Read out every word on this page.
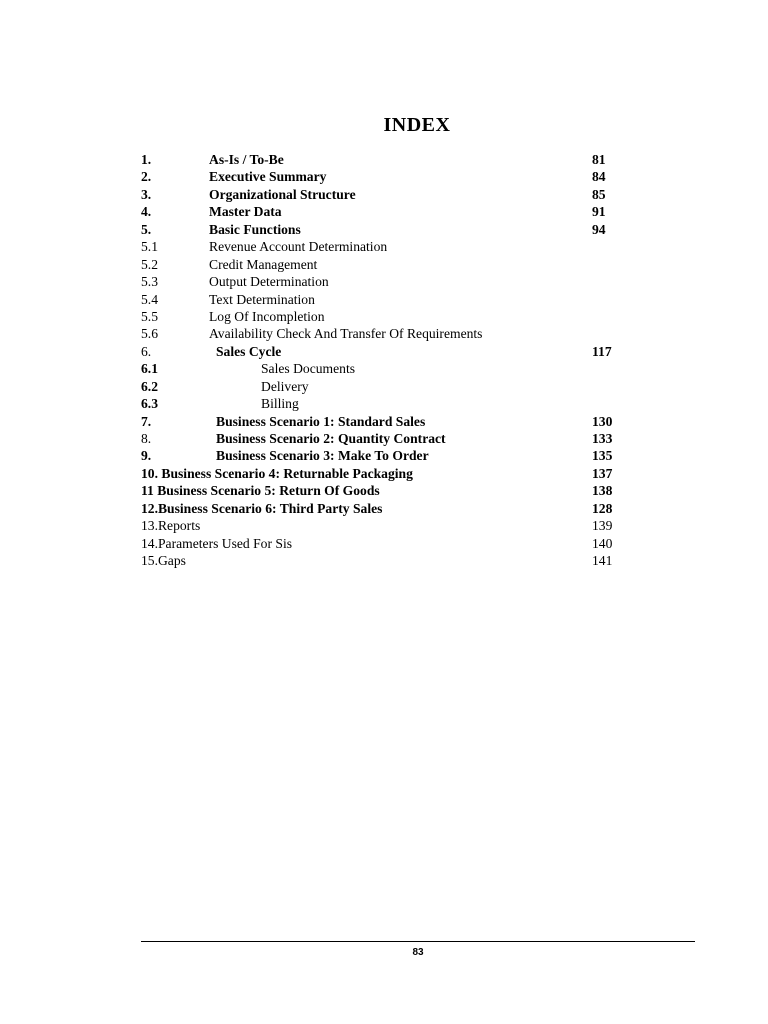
INDEX
1.	As-Is / To-Be	81
2.	Executive Summary	84
3.	Organizational Structure	85
4.	Master Data	91
5.	Basic Functions	94
5.1	Revenue Account Determination
5.2	Credit Management
5.3	Output Determination
5.4	Text Determination
5.5	Log Of Incompletion
5.6	Availability Check And Transfer Of Requirements
6.	Sales Cycle	117
6.1	Sales Documents
6.2	Delivery
6.3	Billing
7.	Business Scenario 1: Standard Sales	130
8.	Business Scenario 2: Quantity Contract	133
9.	Business Scenario 3: Make To Order	135
10. Business Scenario 4: Returnable Packaging	137
11 Business Scenario 5: Return Of Goods	138
12.Business Scenario 6: Third Party Sales	128
13.Reports	139
14.Parameters Used For Sis	140
15.Gaps	141
83
